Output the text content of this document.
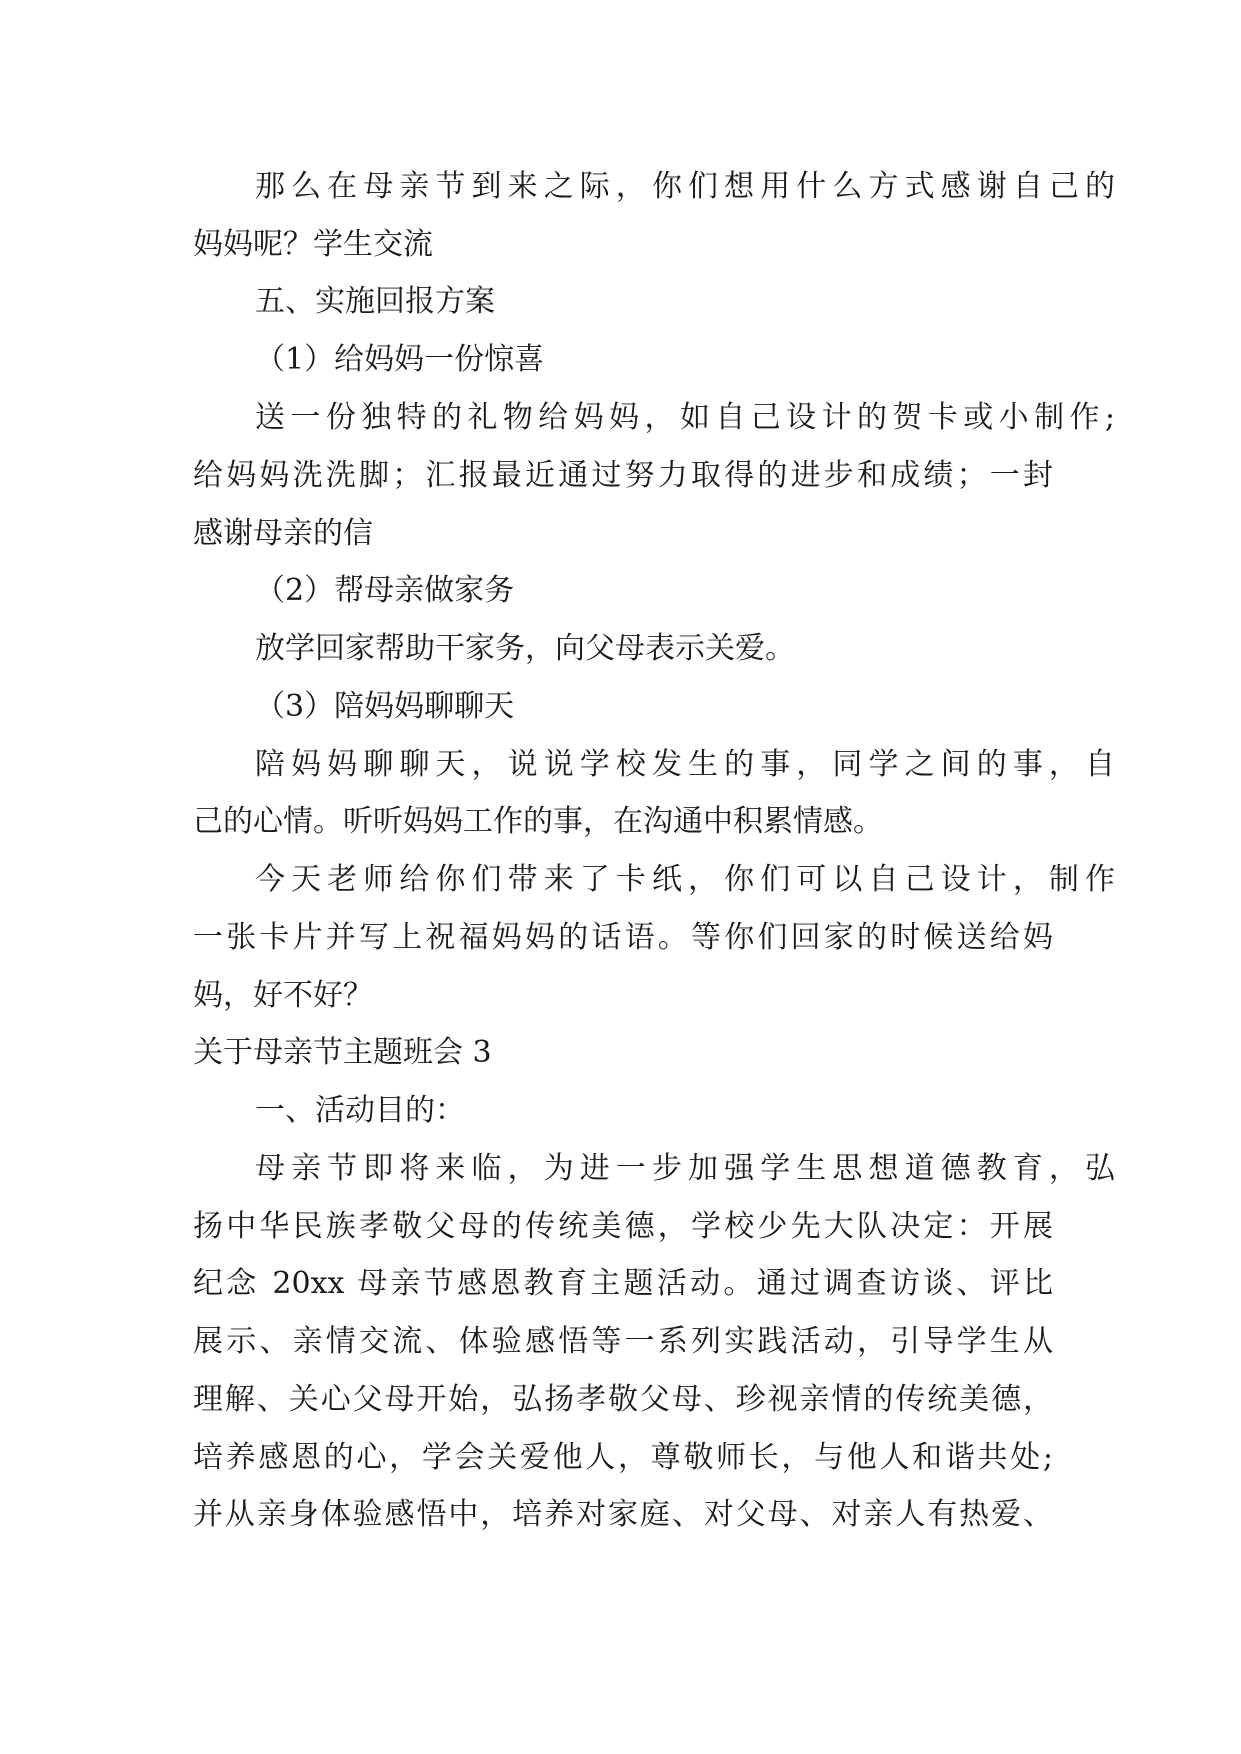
那么在母亲节到来之际，你们想用什么方式感谢自己的
妈妈呢？学生交流
五、实施回报方案
（1）给妈妈一份惊喜
送一份独特的礼物给妈妈，如自己设计的贺卡或小制作;
给妈妈洗洗脚；汇报最近通过努力取得的进步和成绩；一封
感谢母亲的信
（2）帮母亲做家务
放学回家帮助干家务，向父母表示关爱。
（3）陪妈妈聊聊天
陪妈妈聊聊天，说说学校发生的事，同学之间的事，自
己的心情。听听妈妈工作的事，在沟通中积累情感。
今天老师给你们带来了卡纸，你们可以自己设计，制作
一张卡片并写上祝福妈妈的话语。等你们回家的时候送给妈
妈，好不好？
关于母亲节主题班会 3
一、活动目的：
母亲节即将来临，为进一步加强学生思想道德教育，弘
扬中华民族孝敬父母的传统美德，学校少先大队决定：开展
纪念 20xx 母亲节感恩教育主题活动。通过调查访谈、评比
展示、亲情交流、体验感悟等一系列实践活动，引导学生从
理解、关心父母开始，弘扬孝敬父母、珍视亲情的传统美德，
培养感恩的心，学会关爱他人，尊敬师长，与他人和谐共处;
并从亲身体验感悟中，培养对家庭、对父母、对亲人有热爱、
